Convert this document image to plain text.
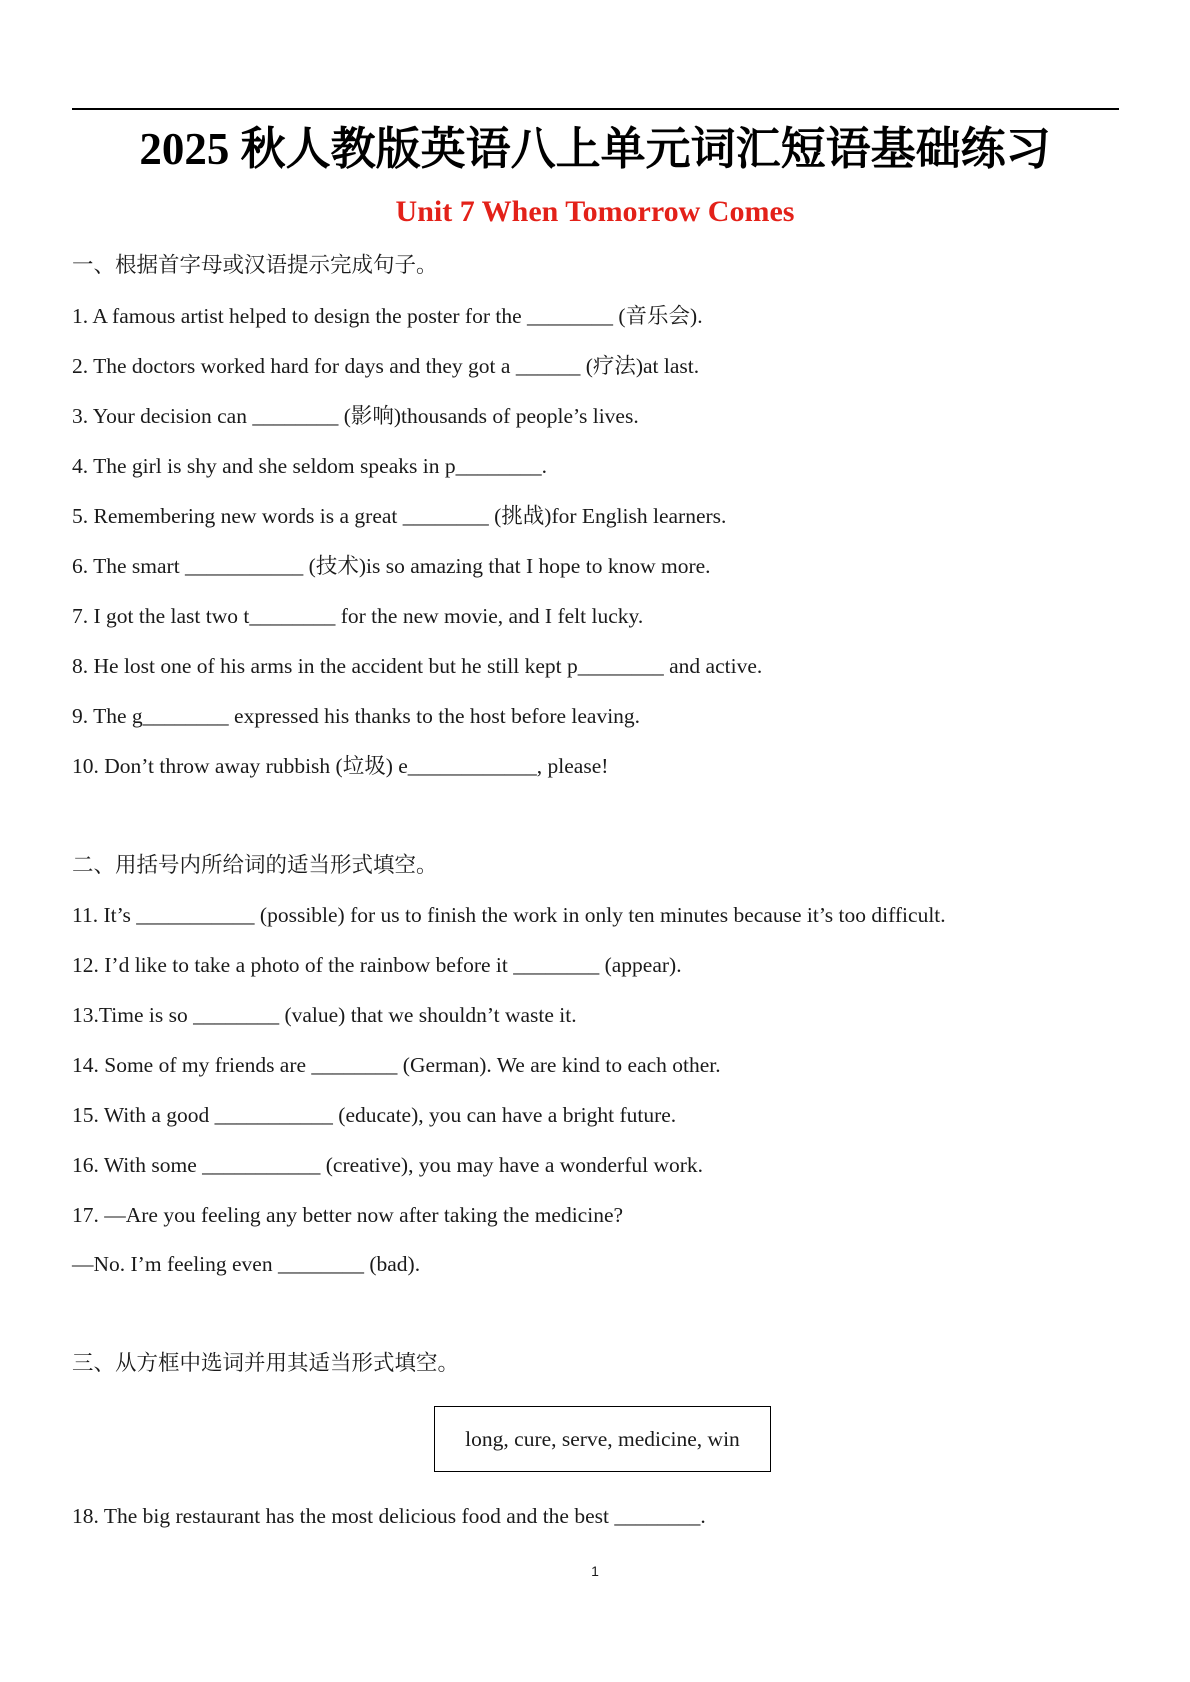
2025 秋人教版英语八上单元词汇短语基础练习
Unit 7 When Tomorrow Comes
一、根据首字母或汉语提示完成句子。
1. A famous artist helped to design the poster for the ________ (音乐会).
2. The doctors worked hard for days and they got a ______ (疗法)at last.
3. Your decision can ________ (影响)thousands of people’s lives.
4. The girl is shy and she seldom speaks in p________.
5. Remembering new words is a great ________ (挑战)for English learners.
6. The smart ___________ (技术)is so amazing that I hope to know more.
7. I got the last two t________ for the new movie, and I felt lucky.
8. He lost one of his arms in the accident but he still kept p________ and active.
9. The g________ expressed his thanks to the host before leaving.
10. Don’t throw away rubbish (垃圾) e____________, please!
二、用括号内所给词的适当形式填空。
11. It’s ___________ (possible) for us to finish the work in only ten minutes because it’s too difficult.
12. I’d like to take a photo of the rainbow before it ________ (appear).
13.Time is so ________ (value) that we shouldn’t waste it.
14. Some of my friends are ________ (German). We are kind to each other.
15. With a good ___________ (educate), you can have a bright future.
16. With some ___________ (creative), you may have a wonderful work.
17. —Are you feeling any better now after taking the medicine?
—No. I’m feeling even ________ (bad).
三、从方框中选词并用其适当形式填空。
long, cure, serve, medicine, win
18. The big restaurant has the most delicious food and the best ________.
1
